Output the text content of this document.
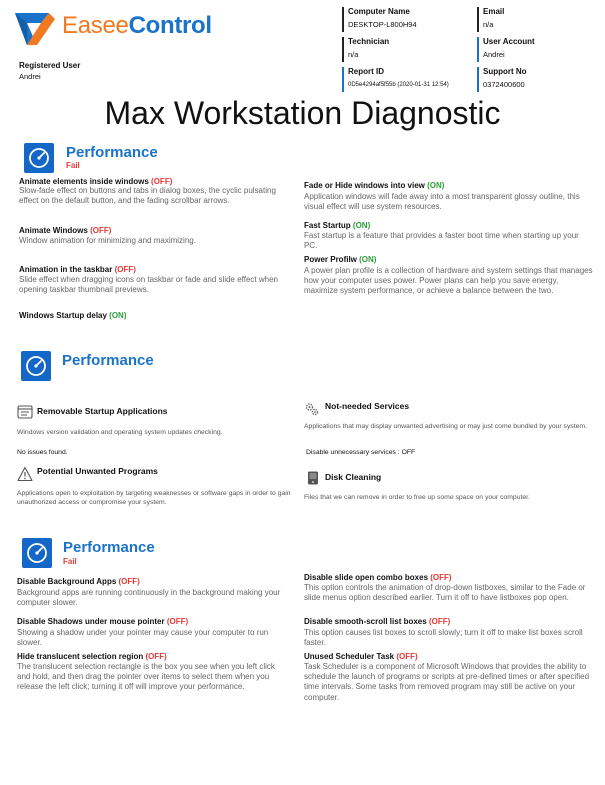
EaseeControl
Registered User
Andrei
Computer Name
DESKTOP-L800H94
Email
n/a
Technician
n/a
User Account
Andrei
Report ID
0D5e4294af5f55b (2020-01-31 12:54)
Support No
0372400600
Max Workstation Diagnostic
Performance
Fail
Animate elements inside windows (OFF)
Slow-fade effect on buttons and tabs in dialog boxes, the cyclic pulsating effect on the default button, and the fading scrollbar arrows.
Animate Windows (OFF)
Window animation for minimizing and maximizing.
Animation in the taskbar (OFF)
Slide effect when dragging icons on taskbar or fade and slide effect when opening taskbar thumbnail previews.
Windows Startup delay (ON)
Fade or Hide windows into view (ON)
Application windows will fade away into a most transparent glossy outline, this visual effect will use system resources.
Fast Startup (ON)
Fast startup is a feature that provides a faster boot time when starting up your PC.
Power Profilw (ON)
A power plan profile is a collection of hardware and system settings that manages how your computer uses power. Power plans can help you save energy, maximize system performance, or achieve a balance between the two.
Performance
Removable Startup Applications
Windows version validation and operating system updates checking.
No issues found.
Potential Unwanted Programs
Applications open to exploitation by targeting weaknesses or software gaps in order to gain unauthorized access or compromise your system.
Not-needed Services
Applications that may display unwanted advertising or may just come bundled by your system.
Disable unnecessary services : OFF
Disk Cleaning
Files that we can remove in order to free up some space on your computer.
Performance
Fail
Disable Background Apps (OFF)
Background apps are running continuously in the background making your computer slower.
Disable Shadows under mouse pointer (OFF)
Showing a shadow under your pointer may cause your computer to run slower.
Hide translucent selection region (OFF)
The translucent selection rectangle is the box you see when you left click and hold, and then drag the pointer over items to select them when you release the left click; turning it off will improve your performance.
Disable slide open combo boxes (OFF)
This option controls the animation of drop-down listboxes, similar to the Fade or slide menus option described earlier. Turn it off to have listboxes pop open.
Disable smooth-scroll list boxes (OFF)
This option causes list boxes to scroll slowly; turn it off to make list boxes scroll faster.
Unused Scheduler Task (OFF)
Task Scheduler is a component of Microsoft Windows that provides the ability to schedule the launch of programs or scripts at pre-defined times or after specified time intervals. Some tasks from removed program may still be active on your computer.
